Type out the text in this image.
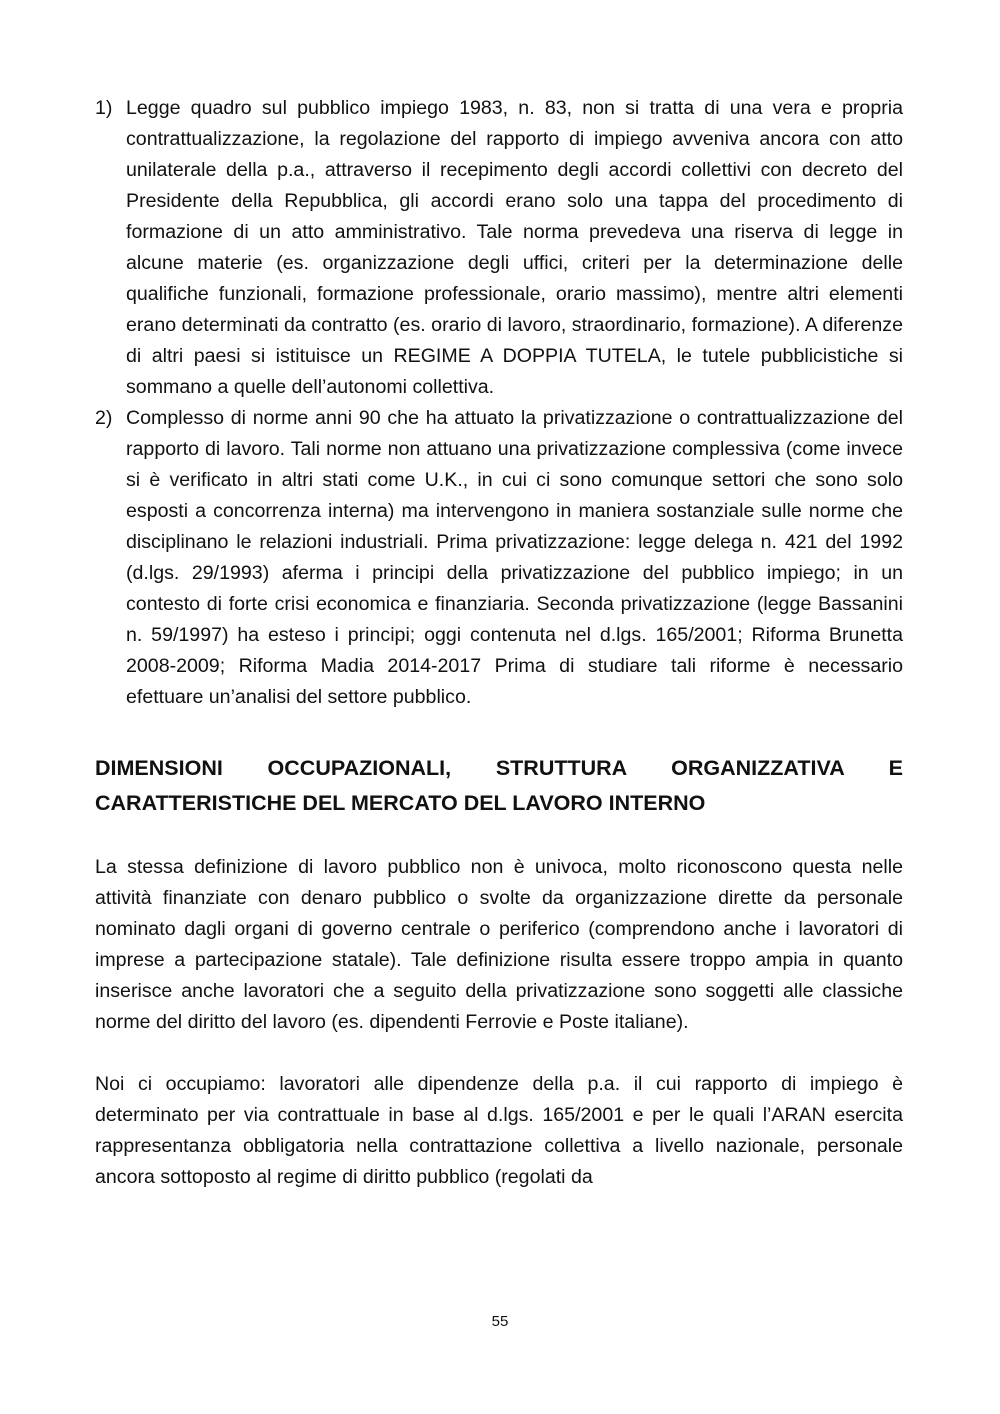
1) Legge quadro sul pubblico impiego 1983, n. 83, non si tratta di una vera e propria contrattualizzazione, la regolazione del rapporto di impiego avveniva ancora con atto unilaterale della p.a., attraverso il recepimento degli accordi collettivi con decreto del Presidente della Repubblica, gli accordi erano solo una tappa del procedimento di formazione di un atto amministrativo. Tale norma prevedeva una riserva di legge in alcune materie (es. organizzazione degli uffici, criteri per la determinazione delle qualifiche funzionali, formazione professionale, orario massimo), mentre altri elementi erano determinati da contratto (es. orario di lavoro, straordinario, formazione). A diferenze di altri paesi si istituisce un REGIME A DOPPIA TUTELA, le tutele pubblicistiche si sommano a quelle dell’autonomi collettiva.
2) Complesso di norme anni 90 che ha attuato la privatizzazione o contrattualizzazione del rapporto di lavoro. Tali norme non attuano una privatizzazione complessiva (come invece si è verificato in altri stati come U.K., in cui ci sono comunque settori che sono solo esposti a concorrenza interna) ma intervengono in maniera sostanziale sulle norme che disciplinano le relazioni industriali. Prima privatizzazione: legge delega n. 421 del 1992 (d.lgs. 29/1993) aferma i principi della privatizzazione del pubblico impiego; in un contesto di forte crisi economica e finanziaria. Seconda privatizzazione (legge Bassanini n. 59/1997) ha esteso i principi; oggi contenuta nel d.lgs. 165/2001; Riforma Brunetta 2008-2009; Riforma Madia 2014-2017 Prima di studiare tali riforme è necessario efettuare un’analisi del settore pubblico.
DIMENSIONI OCCUPAZIONALI, STRUTTURA ORGANIZZATIVA E CARATTERISTICHE DEL MERCATO DEL LAVORO INTERNO

La stessa definizione di lavoro pubblico non è univoca, molto riconoscono questa nelle attività finanziate con denaro pubblico o svolte da organizzazione dirette da personale nominato dagli organi di governo centrale o periferico (comprendono anche i lavoratori di imprese a partecipazione statale). Tale definizione risulta essere troppo ampia in quanto inserisce anche lavoratori che a seguito della privatizzazione sono soggetti alle classiche norme del diritto del lavoro (es. dipendenti Ferrovie e Poste italiane).

Noi ci occupiamo: lavoratori alle dipendenze della p.a. il cui rapporto di impiego è determinato per via contrattuale in base al d.lgs. 165/2001 e per le quali l’ARAN esercita rappresentanza obbligatoria nella contrattazione collettiva a livello nazionale, personale ancora sottoposto al regime di diritto pubblico (regolati da

55
